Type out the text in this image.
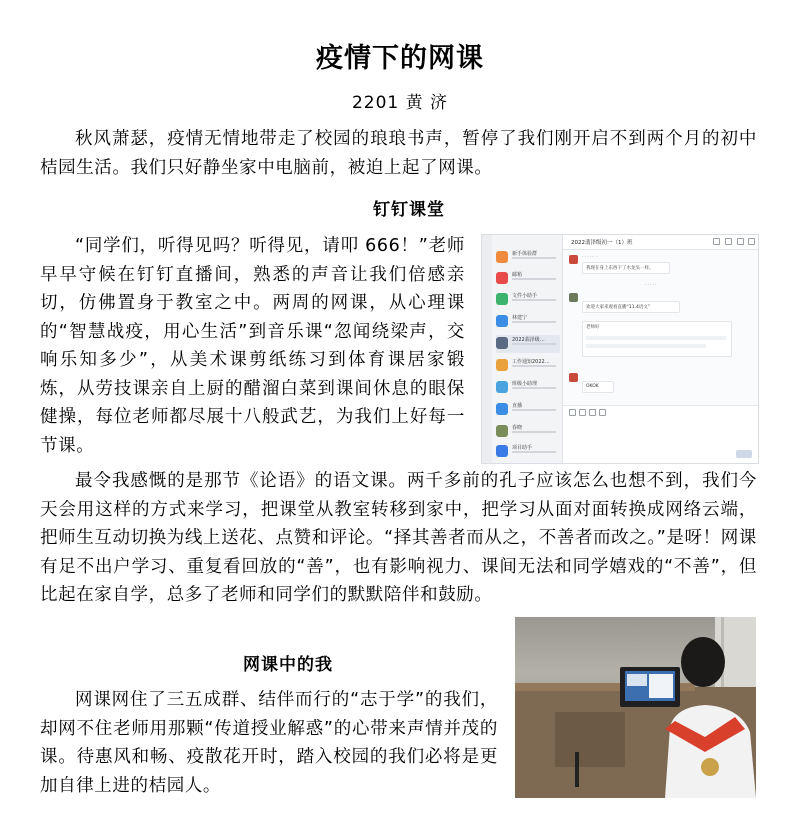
疫情下的网课
2201 黄 济

秋风萧瑟，疫情无情地带走了校园的琅琅书声，暂停了我们刚开启不到两个月的初中桔园生活。我们只好静坐家中电脑前，被迫上起了网课。

钉钉课堂

“同学们，听得见吗？听得见，请叩 666！”老师早早守候在钉钉直播间，熟悉的声音让我们倍感亲切，仿佛置身于教室之中。两周的网课，从心理课的“智慧战疫，用心生活”到音乐课“忽闻绕梁声，交响乐知多少”，从美术课剪纸练习到体育课居家锻炼，从劳技课亲自上厨的醋溜白菜到课间休息的眼保健操，每位老师都尽展十八般武艺，为我们上好每一节课。

新手体验群
邮箱
文件小助手
林建宁
2022翡泽级…
工作通知2022…
班级小助理
直播
春晓
项目助手
2022翡泽级初一（1）班
· · · · · · ·
我现在身上东西干了水龙头一样。
· · · · ·
欢迎大家来观看直播“11.4语文”
老师好
OKOK

最令我感慨的是那节《论语》的语文课。两千多前的孔子应该怎么也想不到，我们今天会用这样的方式来学习，把课堂从教室转移到家中，把学习从面对面转换成网络云端，把师生互动切换为线上送花、点赞和评论。“择其善者而从之，不善者而改之。”是呀！网课有足不出户学习、重复看回放的“善”，也有影响视力、课间无法和同学嬉戏的“不善”，但比起在家自学，总多了老师和同学们的默默陪伴和鼓励。

网课中的我

网课网住了三五成群、结伴而行的“志于学”的我们，却网不住老师用那颗“传道授业解惑”的心带来声情并茂的课。待惠风和畅、疫散花开时，踏入校园的我们必将是更加自律上进的桔园人。
